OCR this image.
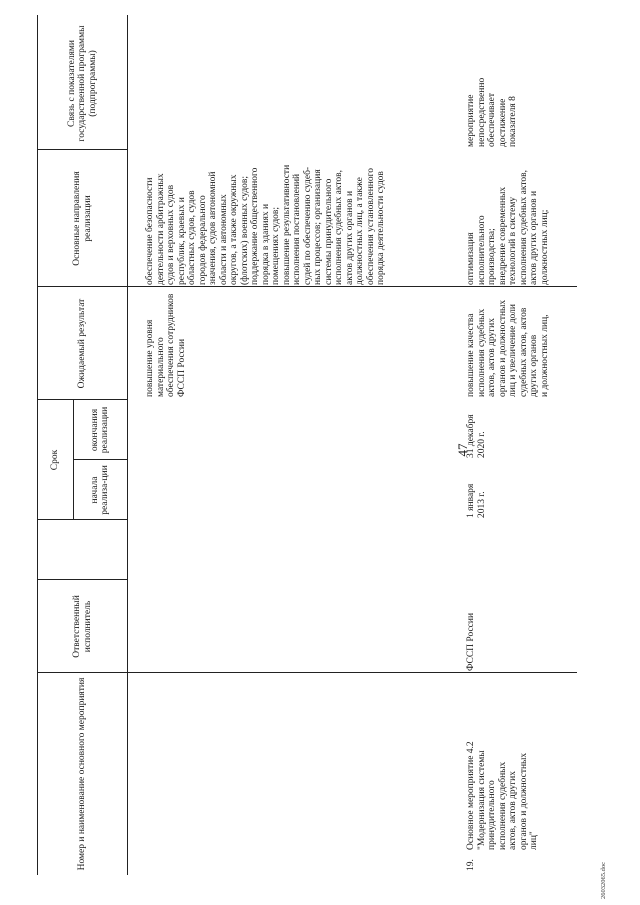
47
26032065.doc
Номер и наименование основного мероприятия
Ответственный исполнитель
Срок
начала реализа-ции
окончания реализации
Ожидаемый результат
Основные направления реализации
Связь с показателями государственной программы (подпрограммы)
повышение уровня
материального
обеспечения сотрудников
ФССП России
обеспечение безопасности
деятельности арбитражных
судов и верховных судов
республик, краевых и
областных судов, судов
городов федерального
значения, судов автономной
области и автономных
округов, а также окружных
(флотских) военных судов;
поддержание общественного
порядка в зданиях и
помещениях судов;
повышение результативности
исполнения постановлений
судей по обеспечению судеб-
ных процессов; организация
системы принудительного
исполнения судебных актов,
актов других органов и
должностных лиц, а также
обеспечения установленного
порядка деятельности судов
19.
Основное мероприятие 4.2
"Модернизация системы
принудительного
исполнения судебных
актов, актов других
органов и должностных
лиц"
ФССП России
1 января
2013 г.
31 декабря
2020 г.
повышение качества
исполнения судебных
актов, актов других
органов и должностных
лиц и увеличение доли
судебных актов, актов
других органов
и должностных лиц,
оптимизация
исполнительного
производства;
внедрение современных
технологий в систему
исполнения судебных актов,
актов других органов и
должностных лиц;
мероприятие
непосредственно
обеспечивает
достижение
показателя 8
